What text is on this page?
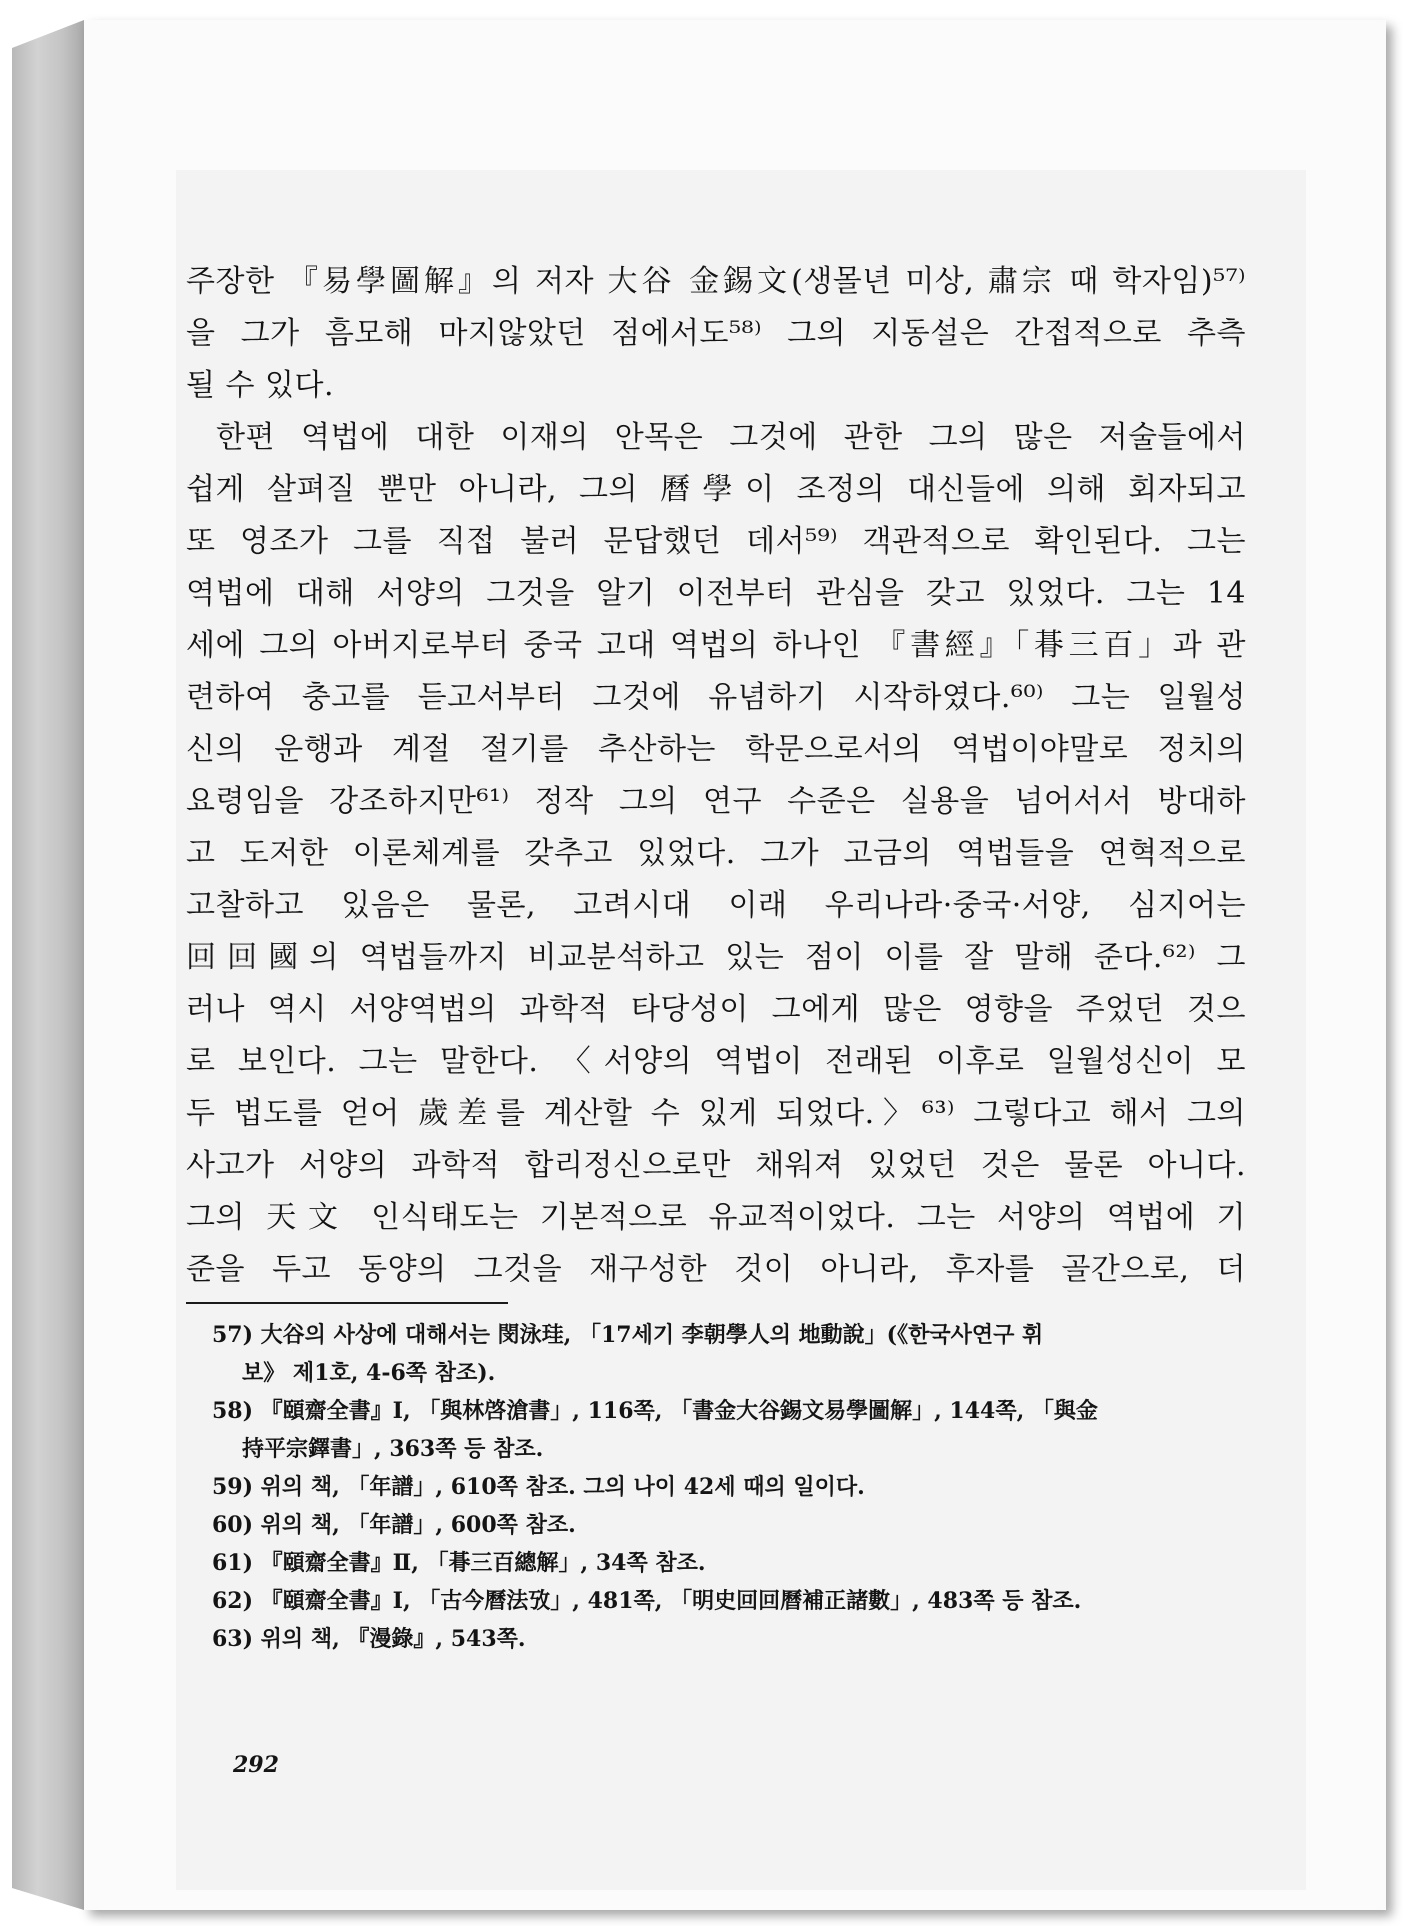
주장한 『易學圖解』의 저자 大谷 金錫文(생몰년 미상, 肅宗 때 학자임)⁵⁷⁾
을 그가 흠모해 마지않았던 점에서도⁵⁸⁾ 그의 지동설은 간접적으로 추측
될 수 있다.
한편 역법에 대한 이재의 안목은 그것에 관한 그의 많은 저술들에서
쉽게 살펴질 뿐만 아니라, 그의 曆學이 조정의 대신들에 의해 회자되고
또 영조가 그를 직접 불러 문답했던 데서⁵⁹⁾ 객관적으로 확인된다. 그는
역법에 대해 서양의 그것을 알기 이전부터 관심을 갖고 있었다. 그는 14
세에 그의 아버지로부터 중국 고대 역법의 하나인 『書經』「朞三百」과 관
련하여 충고를 듣고서부터 그것에 유념하기 시작하였다.⁶⁰⁾ 그는 일월성
신의 운행과 계절 절기를 추산하는 학문으로서의 역법이야말로 정치의
요령임을 강조하지만⁶¹⁾ 정작 그의 연구 수준은 실용을 넘어서서 방대하
고 도저한 이론체계를 갖추고 있었다. 그가 고금의 역법들을 연혁적으로
고찰하고 있음은 물론, 고려시대 이래 우리나라·중국·서양, 심지어는
回回國의 역법들까지 비교분석하고 있는 점이 이를 잘 말해 준다.⁶²⁾ 그
러나 역시 서양역법의 과학적 타당성이 그에게 많은 영향을 주었던 것으
로 보인다. 그는 말한다. 〈서양의 역법이 전래된 이후로 일월성신이 모
두 법도를 얻어 歲差를 계산할 수 있게 되었다.〉⁶³⁾ 그렇다고 해서 그의
사고가 서양의 과학적 합리정신으로만 채워져 있었던 것은 물론 아니다.
그의 天文 인식태도는 기본적으로 유교적이었다. 그는 서양의 역법에 기
준을 두고 동양의 그것을 재구성한 것이 아니라, 후자를 골간으로, 더
57) 大谷의 사상에 대해서는 閔泳珪, 「17세기 李朝學人의 地動說」(《한국사연구 휘
보》 제1호, 4-6쪽 참조).
58) 『頤齋全書』Ⅰ, 「與林啓滄書」, 116쪽, 「書金大谷錫文易學圖解」, 144쪽, 「與金
持平宗鐸書」, 363쪽 등 참조.
59) 위의 책, 「年譜」, 610쪽 참조. 그의 나이 42세 때의 일이다.
60) 위의 책, 「年譜」, 600쪽 참조.
61) 『頤齋全書』Ⅱ, 「朞三百總解」, 34쪽 참조.
62) 『頤齋全書』Ⅰ, 「古今曆法攷」, 481쪽, 「明史回回曆補正諸數」, 483쪽 등 참조.
63) 위의 책, 『漫錄』, 543쪽.
292
